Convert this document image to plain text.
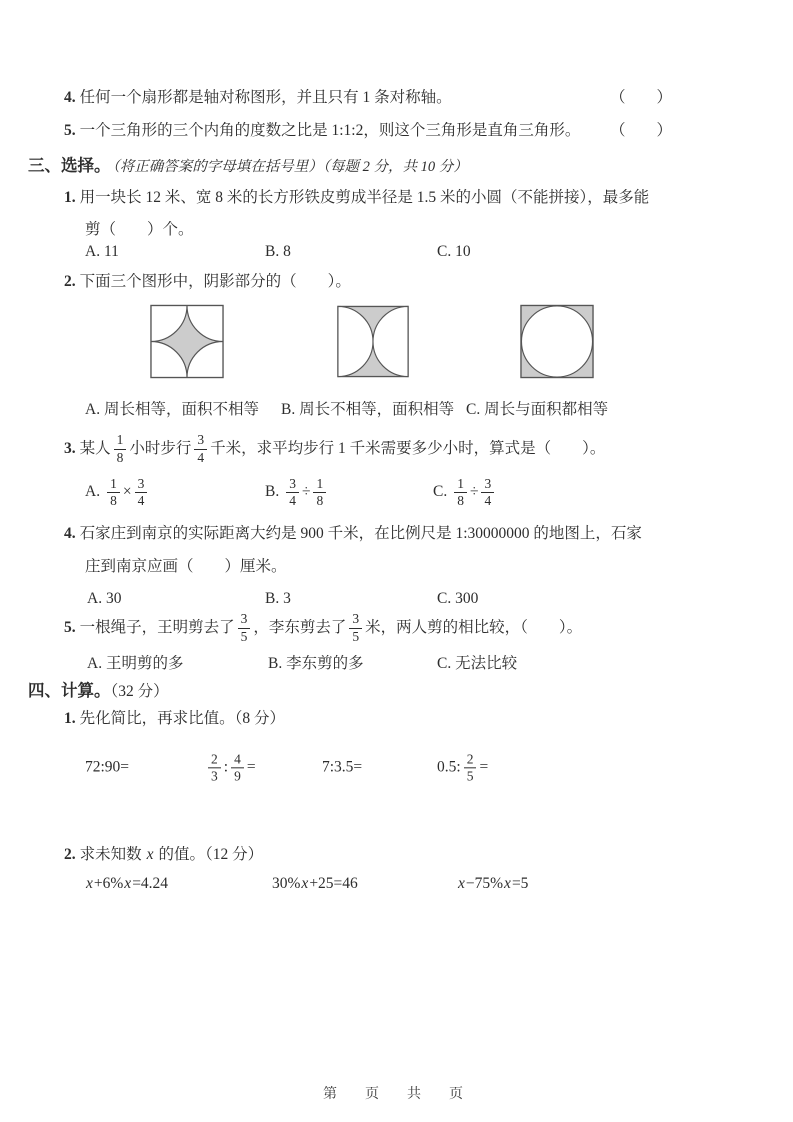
4. 任何一个扇形都是轴对称图形，并且只有 1 条对称轴。	（　　）
5. 一个三角形的三个内角的度数之比是 1:1:2，则这个三角形是直角三角形。 （　　）
三、选择。 （将正确答案的字母填在括号里）（每题 2 分，共 10 分）
1. 用一块长 12 米、宽 8 米的长方形铁皮剪成半径是 1.5 米的小圆（不能拼接），最多能
剪（　　）个。
A. 11	B. 8	C. 10
2. 下面三个图形中，阴影部分的（　　）。
A. 周长相等，面积不相等 B. 周长不相等，面积相等 C. 周长与面积都相等
3. 某人 $\frac{1}{8}$ 小时步行 $\frac{3}{4}$ 千米，求平均步行 1 千米需要多少小时，算式是（　　）。
A. $\frac{1}{8} \times \frac{3}{4}$	B. $\frac{3}{4} \div \frac{1}{8}$	C. $\frac{1}{8} \div \frac{3}{4}$
4. 石家庄到南京的实际距离大约是 900 千米，在比例尺是 1:30000000 的地图上，石家
庄到南京应画（　　）厘米。
A. 30	B. 3	C. 300
5. 一根绳子，王明剪去了 $\frac{3}{5}$ ，李东剪去了 $\frac{3}{5}$ 米，两人剪的相比较，（　　）。
A. 王明剪的多	B. 李东剪的多	C. 无法比较
四、计算。（32 分）
1. 先化简比，再求比值。（8 分）
72:90=	$\frac{2}{3}$ : $\frac{4}{9}$ =	7:3.5=	0.5: $\frac{2}{5}$ =
2. 求未知数 x 的值。（12 分）
x +6% x =4.24	30% x +25=46	x −75% x =5
第　页　共　页
